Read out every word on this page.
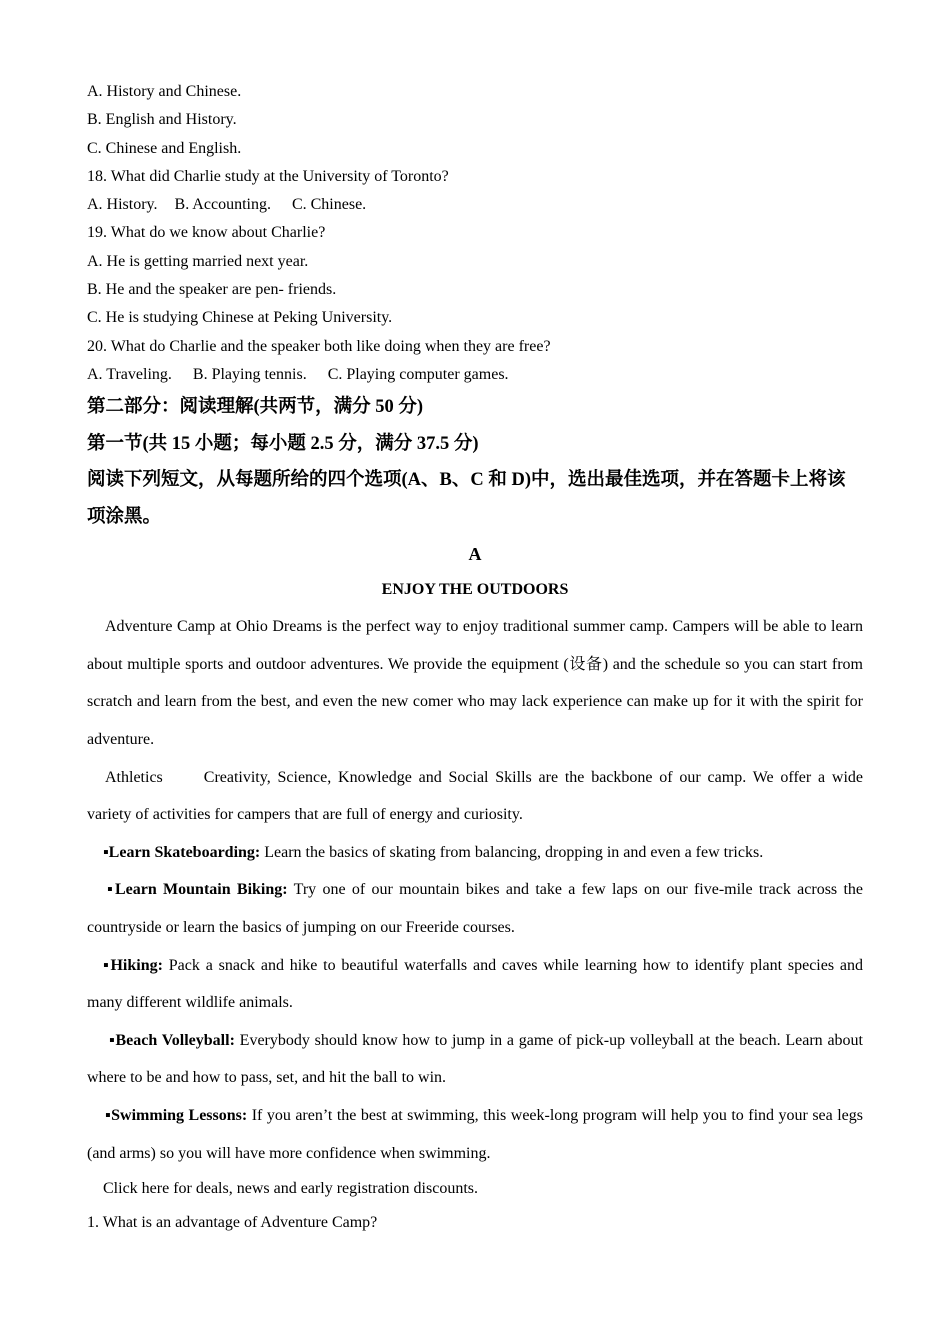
A. History and Chinese.
B. English and History.
C. Chinese and English.
18. What did Charlie study at the University of Toronto?
A. History. B. Accounting. C. Chinese.
19. What do we know about Charlie?
A. He is getting married next year.
B. He and the speaker are pen- friends.
C. He is studying Chinese at Peking University.
20. What do Charlie and the speaker both like doing when they are free?
A. Traveling. B. Playing tennis. C. Playing computer games.
第二部分：阅读理解(共两节，满分 50 分)
第一节(共 15 小题；每小题 2.5 分，满分 37.5 分)
阅读下列短文，从每题所给的四个选项(A、B、C 和 D)中，选出最佳选项，并在答题卡上将该项涂黑。
A
ENJOY THE OUTDOORS
Adventure Camp at Ohio Dreams is the perfect way to enjoy traditional summer camp. Campers will be able to learn about multiple sports and outdoor adventures. We provide the equipment (设备) and the schedule so you can start from scratch and learn from the best, and even the new comer who may lack experience can make up for it with the spirit for adventure.
Athletics	Creativity, Science, Knowledge and Social Skills are the backbone of our camp. We offer a wide variety of activities for campers that are full of energy and curiosity.
▪Learn Skateboarding: Learn the basics of skating from balancing, dropping in and even a few tricks.
▪Learn Mountain Biking: Try one of our mountain bikes and take a few laps on our five-mile track across the countryside or learn the basics of jumping on our Freeride courses.
▪Hiking: Pack a snack and hike to beautiful waterfalls and caves while learning how to identify plant species and many different wildlife animals.
▪Beach Volleyball: Everybody should know how to jump in a game of pick-up volleyball at the beach. Learn about where to be and how to pass, set, and hit the ball to win.
▪Swimming Lessons: If you aren’t the best at swimming, this week-long program will help you to find your sea legs (and arms) so you will have more confidence when swimming.
Click here for deals, news and early registration discounts.
1. What is an advantage of Adventure Camp?
